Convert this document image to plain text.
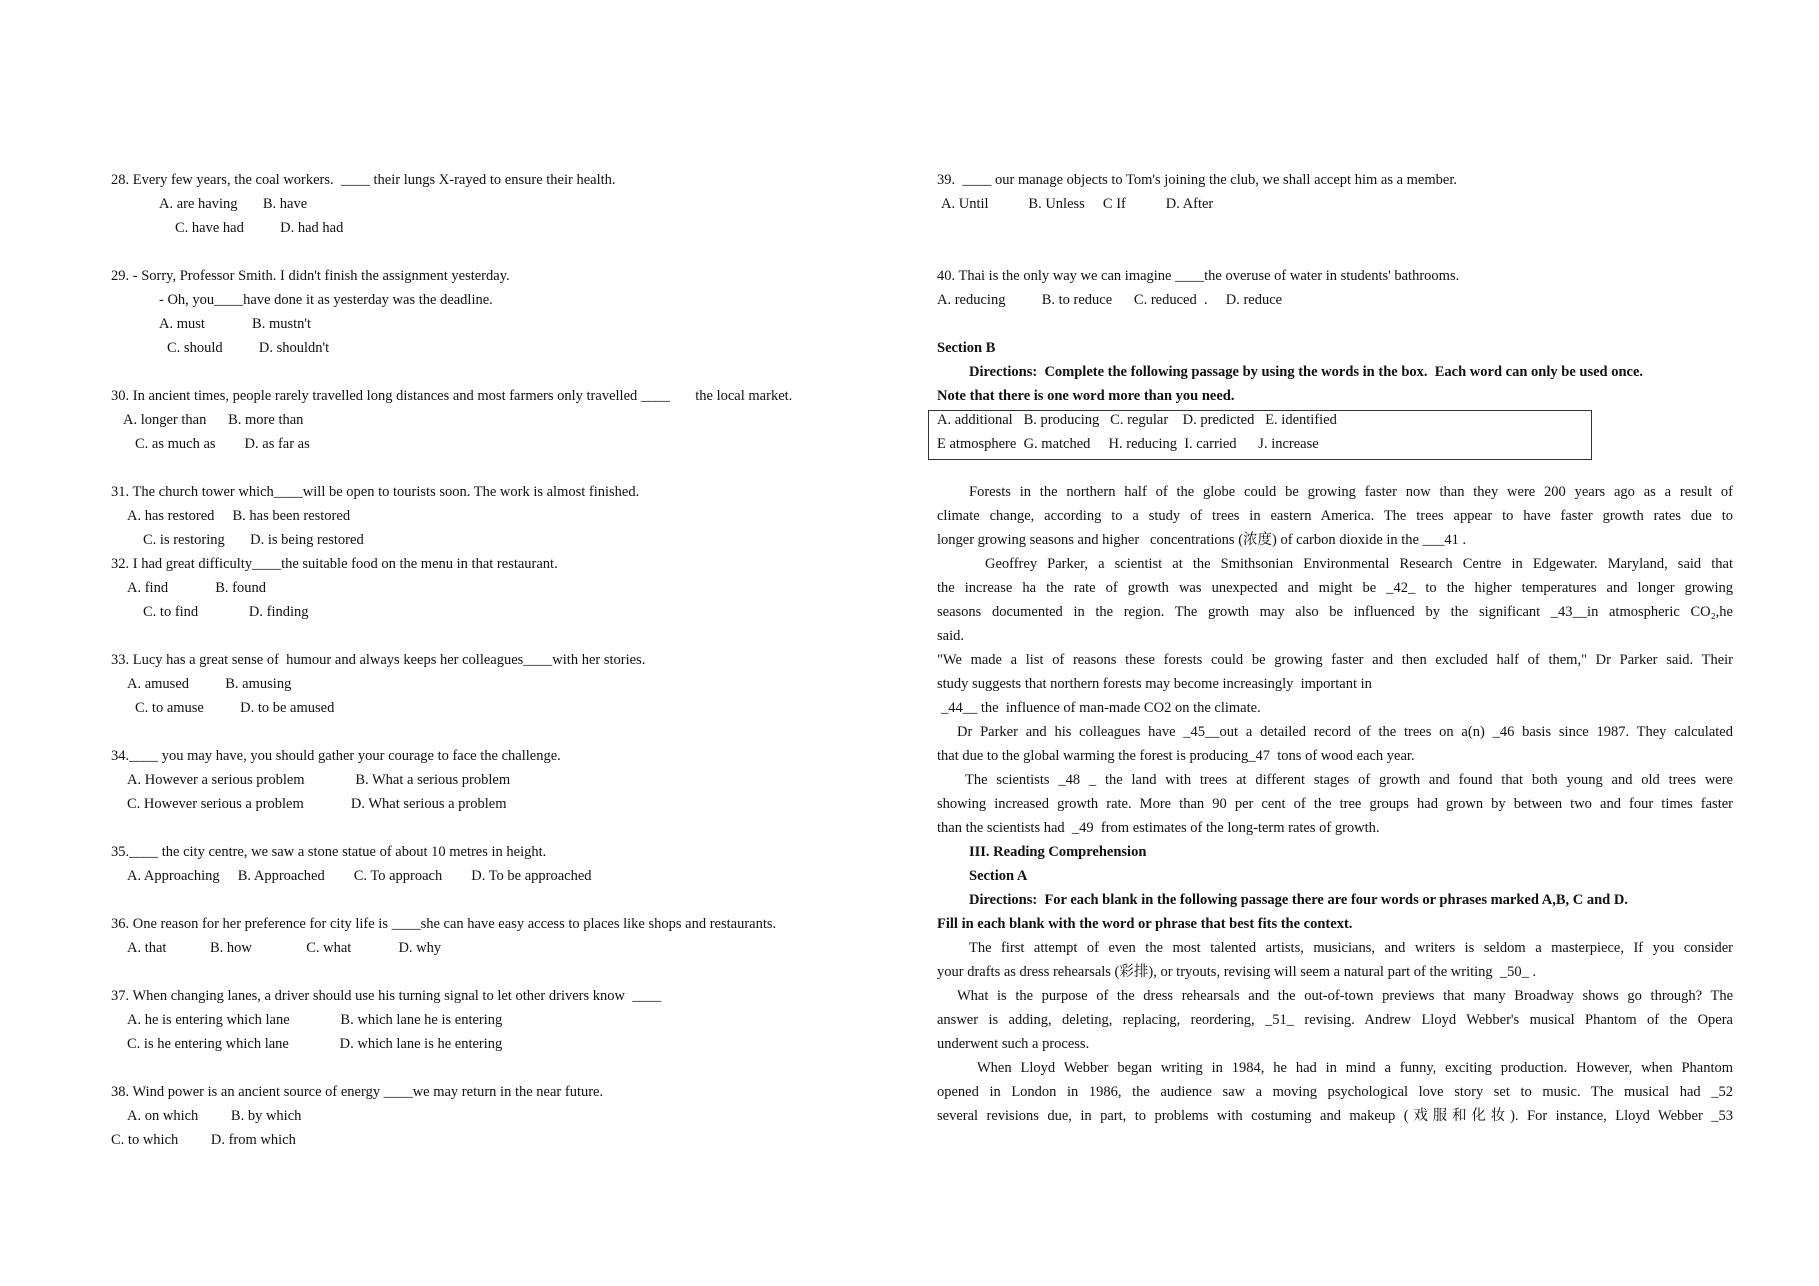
28. Every few years, the coal workers.  ____ their lungs X-rayed to ensure their health.
A. are having       B. have
C. have had          D. had had
29. - Sorry, Professor Smith. I didn't finish the assignment yesterday.
- Oh, you____have done it as yesterday was the deadline.
A. must             B. mustn't
C. should          D. shouldn't
30. In ancient times, people rarely travelled long distances and most farmers only travelled ____       the local market.
A. longer than      B. more than
C. as much as        D. as far as
31. The church tower which____will be open to tourists soon. The work is almost finished.
A. has restored     B. has been restored
C. is restoring       D. is being restored
32. I had great difficulty____the suitable food on the menu in that restaurant.
A. find             B. found
C. to find              D. finding
33. Lucy has a great sense of  humour and always keeps her colleagues____with her stories.
A. amused          B. amusing
C. to amuse          D. to be amused
34.____ you may have, you should gather your courage to face the challenge.
A. However a serious problem              B. What a serious problem
C. However serious a problem             D. What serious a problem
35.____ the city centre, we saw a stone statue of about 10 metres in height.
A. Approaching     B. Approached        C. To approach        D. To be approached
36. One reason for her preference for city life is ____she can have easy access to places like shops and restaurants.
A. that            B. how               C. what             D. why
37. When changing lanes, a driver should use his turning signal to let other drivers know  ____
A. he is entering which lane              B. which lane he is entering
C. is he entering which lane              D. which lane is he entering
38. Wind power is an ancient source of energy ____we may return in the near future.
A. on which         B. by which
C. to which         D. from which
39.  ____ our manage objects to Tom's joining the club, we shall accept him as a member.
A. Until           B. Unless     C If           D. After
40. Thai is the only way we can imagine ____the overuse of water in students' bathrooms.
A. reducing          B. to reduce      C. reduced  .     D. reduce
Section B
Directions:  Complete the following passage by using the words in the box.  Each word can only be used once.
Note that there is one word more than you need.
A. additional   B. producing   C. regular    D. predicted   E. identified
E atmosphere  G. matched     H. reducing  I. carried      J. increase
Forests in the northern half of the globe could be growing faster now than they were 200 years ago as a result of
climate change, according to a study of trees in eastern America. The trees appear to have faster growth rates due to
longer growing seasons and higher   concentrations (浓度) of carbon dioxide in the ___41 .
Geoffrey Parker, a scientist at the Smithsonian Environmental Research Centre in Edgewater. Maryland, said that
the increase ha the rate of growth was unexpected and might be _42_ to the higher temperatures and longer growing
seasons documented in the region. The growth may also be influenced by the significant _43__in atmospheric CO₂,he
said.
"We made a list of reasons these forests could be growing faster and then excluded half of them," Dr Parker said. Their
study suggests that northern forests may become increasingly  important in
_44__ the  influence of man-made CO2 on the climate.
Dr Parker and his colleagues have _45__out a detailed record of the trees on a(n) _46 basis since 1987. They calculated
that due to the global warming the forest is producing_47  tons of wood each year.
The scientists _48 _ the land with trees at different stages of growth and found that both young and old trees were
showing increased growth rate. More than 90 per cent of the tree groups had grown by between two and four times faster
than the scientists had  _49  from estimates of the long-term rates of growth.
III. Reading Comprehension
Section A
Directions:  For each blank in the following passage there are four words or phrases marked A,B, C and D.
Fill in each blank with the word or phrase that best fits the context.
The first attempt of even the most talented artists, musicians, and writers is seldom a masterpiece, If you consider
your drafts as dress rehearsals (彩排), or tryouts, revising will seem a natural part of the writing  _50_ .
What is the purpose of the dress rehearsals and the out-of-town previews that many Broadway shows go through? The
answer is adding, deleting, replacing, reordering, _51_ revising. Andrew Lloyd Webber's musical Phantom of the Opera
underwent such a process.
When Lloyd Webber began writing in 1984, he had in mind a funny, exciting production. However, when Phantom
opened in London in 1986, the audience saw a moving psychological love story set to music. The musical had _52
several revisions due, in part, to problems with costuming and makeup (戏服和化妆). For instance, Lloyd Webber _53
